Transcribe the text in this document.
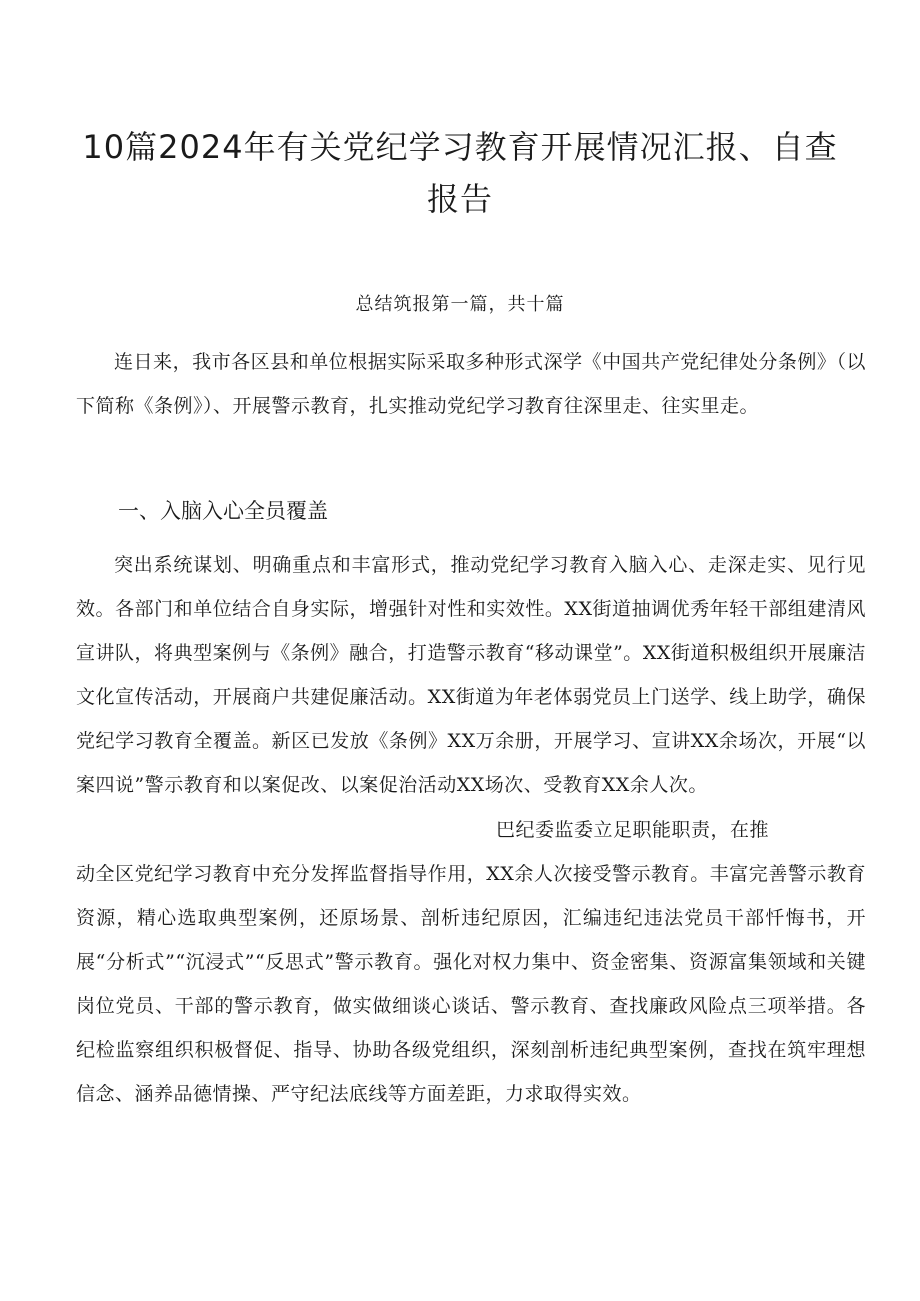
10篇2024年有关党纪学习教育开展情况汇报、自查
报告

总结筑报第一篇，共十篇

连日来，我市各区县和单位根据实际采取多种形式深学《中国共产党纪律处分条例》（以下简称《条例》）、开展警示教育，扎实推动党纪学习教育往深里走、往实里走。

一、入脑入心全员覆盖

突出系统谋划、明确重点和丰富形式，推动党纪学习教育入脑入心、走深走实、见行见效。各部门和单位结合自身实际，增强针对性和实效性。XX街道抽调优秀年轻干部组建清风宣讲队，将典型案例与《条例》融合，打造警示教育“移动课堂”。XX街道积极组织开展廉洁文化宣传活动，开展商户共建促廉活动。XX街道为年老体弱党员上门送学、线上助学，确保党纪学习教育全覆盖。新区已发放《条例》XX万余册，开展学习、宣讲XX余场次，开展“以案四说”警示教育和以案促改、以案促治活动XX场次、受教育XX余人次。

巴纪委监委立足职能职责，在推
动全区党纪学习教育中充分发挥监督指导作用，XX余人次接受警示教育。丰富完善警示教育资源，精心选取典型案例，还原场景、剖析违纪原因，汇编违纪违法党员干部忏悔书，开展“分析式”“沉浸式”“反思式”警示教育。强化对权力集中、资金密集、资源富集领域和关键岗位党员、干部的警示教育，做实做细谈心谈话、警示教育、查找廉政风险点三项举措。各纪检监察组织积极督促、指导、协助各级党组织，深刻剖析违纪典型案例，查找在筑牢理想信念、涵养品德情操、严守纪法底线等方面差距，力求取得实效。
